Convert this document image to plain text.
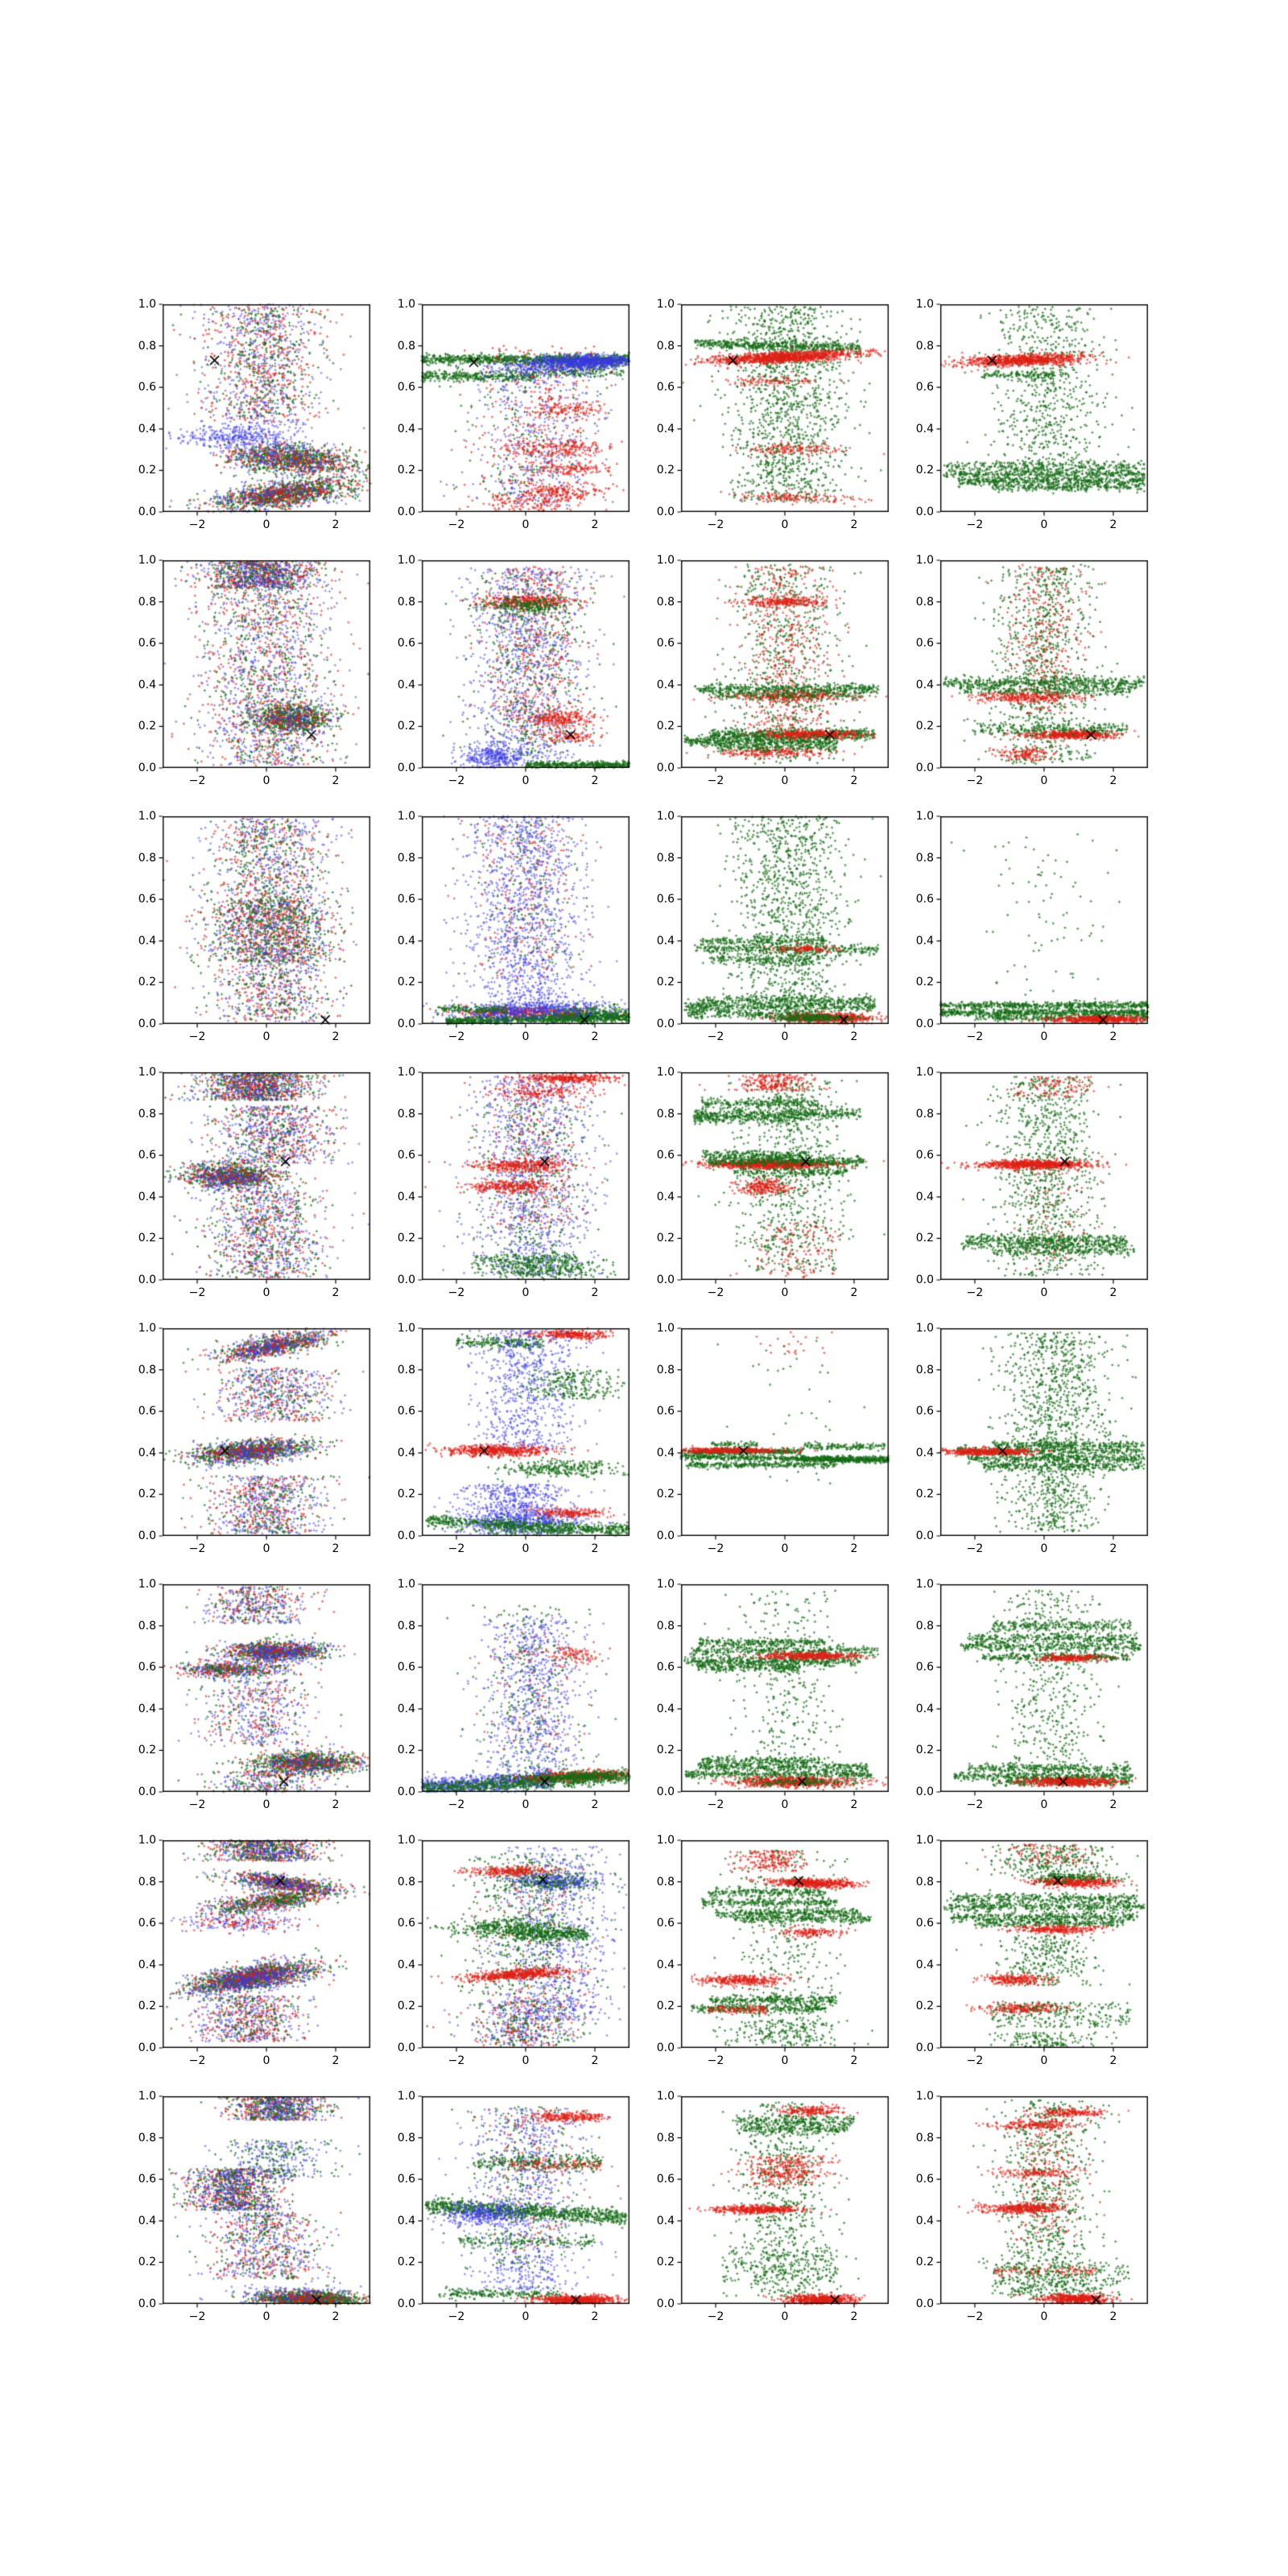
0.0
0.2
0.4
0.6
0.8
1.0
−2	0	2
0.0
0.2
0.4
0.6
0.8
1.0
−2	0	2
0.0
0.2
0.4
0.6
0.8
1.0
−2	0	2
0.0
0.2
0.4
0.6
0.8
1.0
−2	0	2
0.0
0.2
0.4
0.6
0.8
1.0
−2	0	2
0.0
0.2
0.4
0.6
0.8
1.0
−2	0	2
0.0
0.2
0.4
0.6
0.8
1.0
−2	0	2
0.0
0.2
0.4
0.6
0.8
1.0
−2	0	2
0.0
0.2
0.4
0.6
0.8
1.0
−2	0	2
0.0
0.2
0.4
0.6
0.8
1.0
−2	0	2
0.0
0.2
0.4
0.6
0.8
1.0
−2	0	2
0.0
0.2
0.4
0.6
0.8
1.0
−2	0	2
0.0
0.2
0.4
0.6
0.8
1.0
−2	0	2
0.0
0.2
0.4
0.6
0.8
1.0
−2	0	2
0.0
0.2
0.4
0.6
0.8
1.0
−2	0	2
0.0
0.2
0.4
0.6
0.8
1.0
−2	0	2
0.0
0.2
0.4
0.6
0.8
1.0
−2	0	2
0.0
0.2
0.4
0.6
0.8
1.0
−2	0	2
0.0
0.2
0.4
0.6
0.8
1.0
−2	0	2
0.0
0.2
0.4
0.6
0.8
1.0
−2	0	2
0.0
0.2
0.4
0.6
0.8
1.0
−2	0	2
0.0
0.2
0.4
0.6
0.8
1.0
−2	0	2
0.0
0.2
0.4
0.6
0.8
1.0
−2	0	2
0.0
0.2
0.4
0.6
0.8
1.0
−2	0	2
0.0
0.2
0.4
0.6
0.8
1.0
−2	0	2
0.0
0.2
0.4
0.6
0.8
1.0
−2	0	2
0.0
0.2
0.4
0.6
0.8
1.0
−2	0	2
0.0
0.2
0.4
0.6
0.8
1.0
−2	0	2
0.0
0.2
0.4
0.6
0.8
1.0
−2	0	2
0.0
0.2
0.4
0.6
0.8
1.0
−2	0	2
0.0
0.2
0.4
0.6
0.8
1.0
−2	0	2
0.0
0.2
0.4
0.6
0.8
1.0
−2	0	2
